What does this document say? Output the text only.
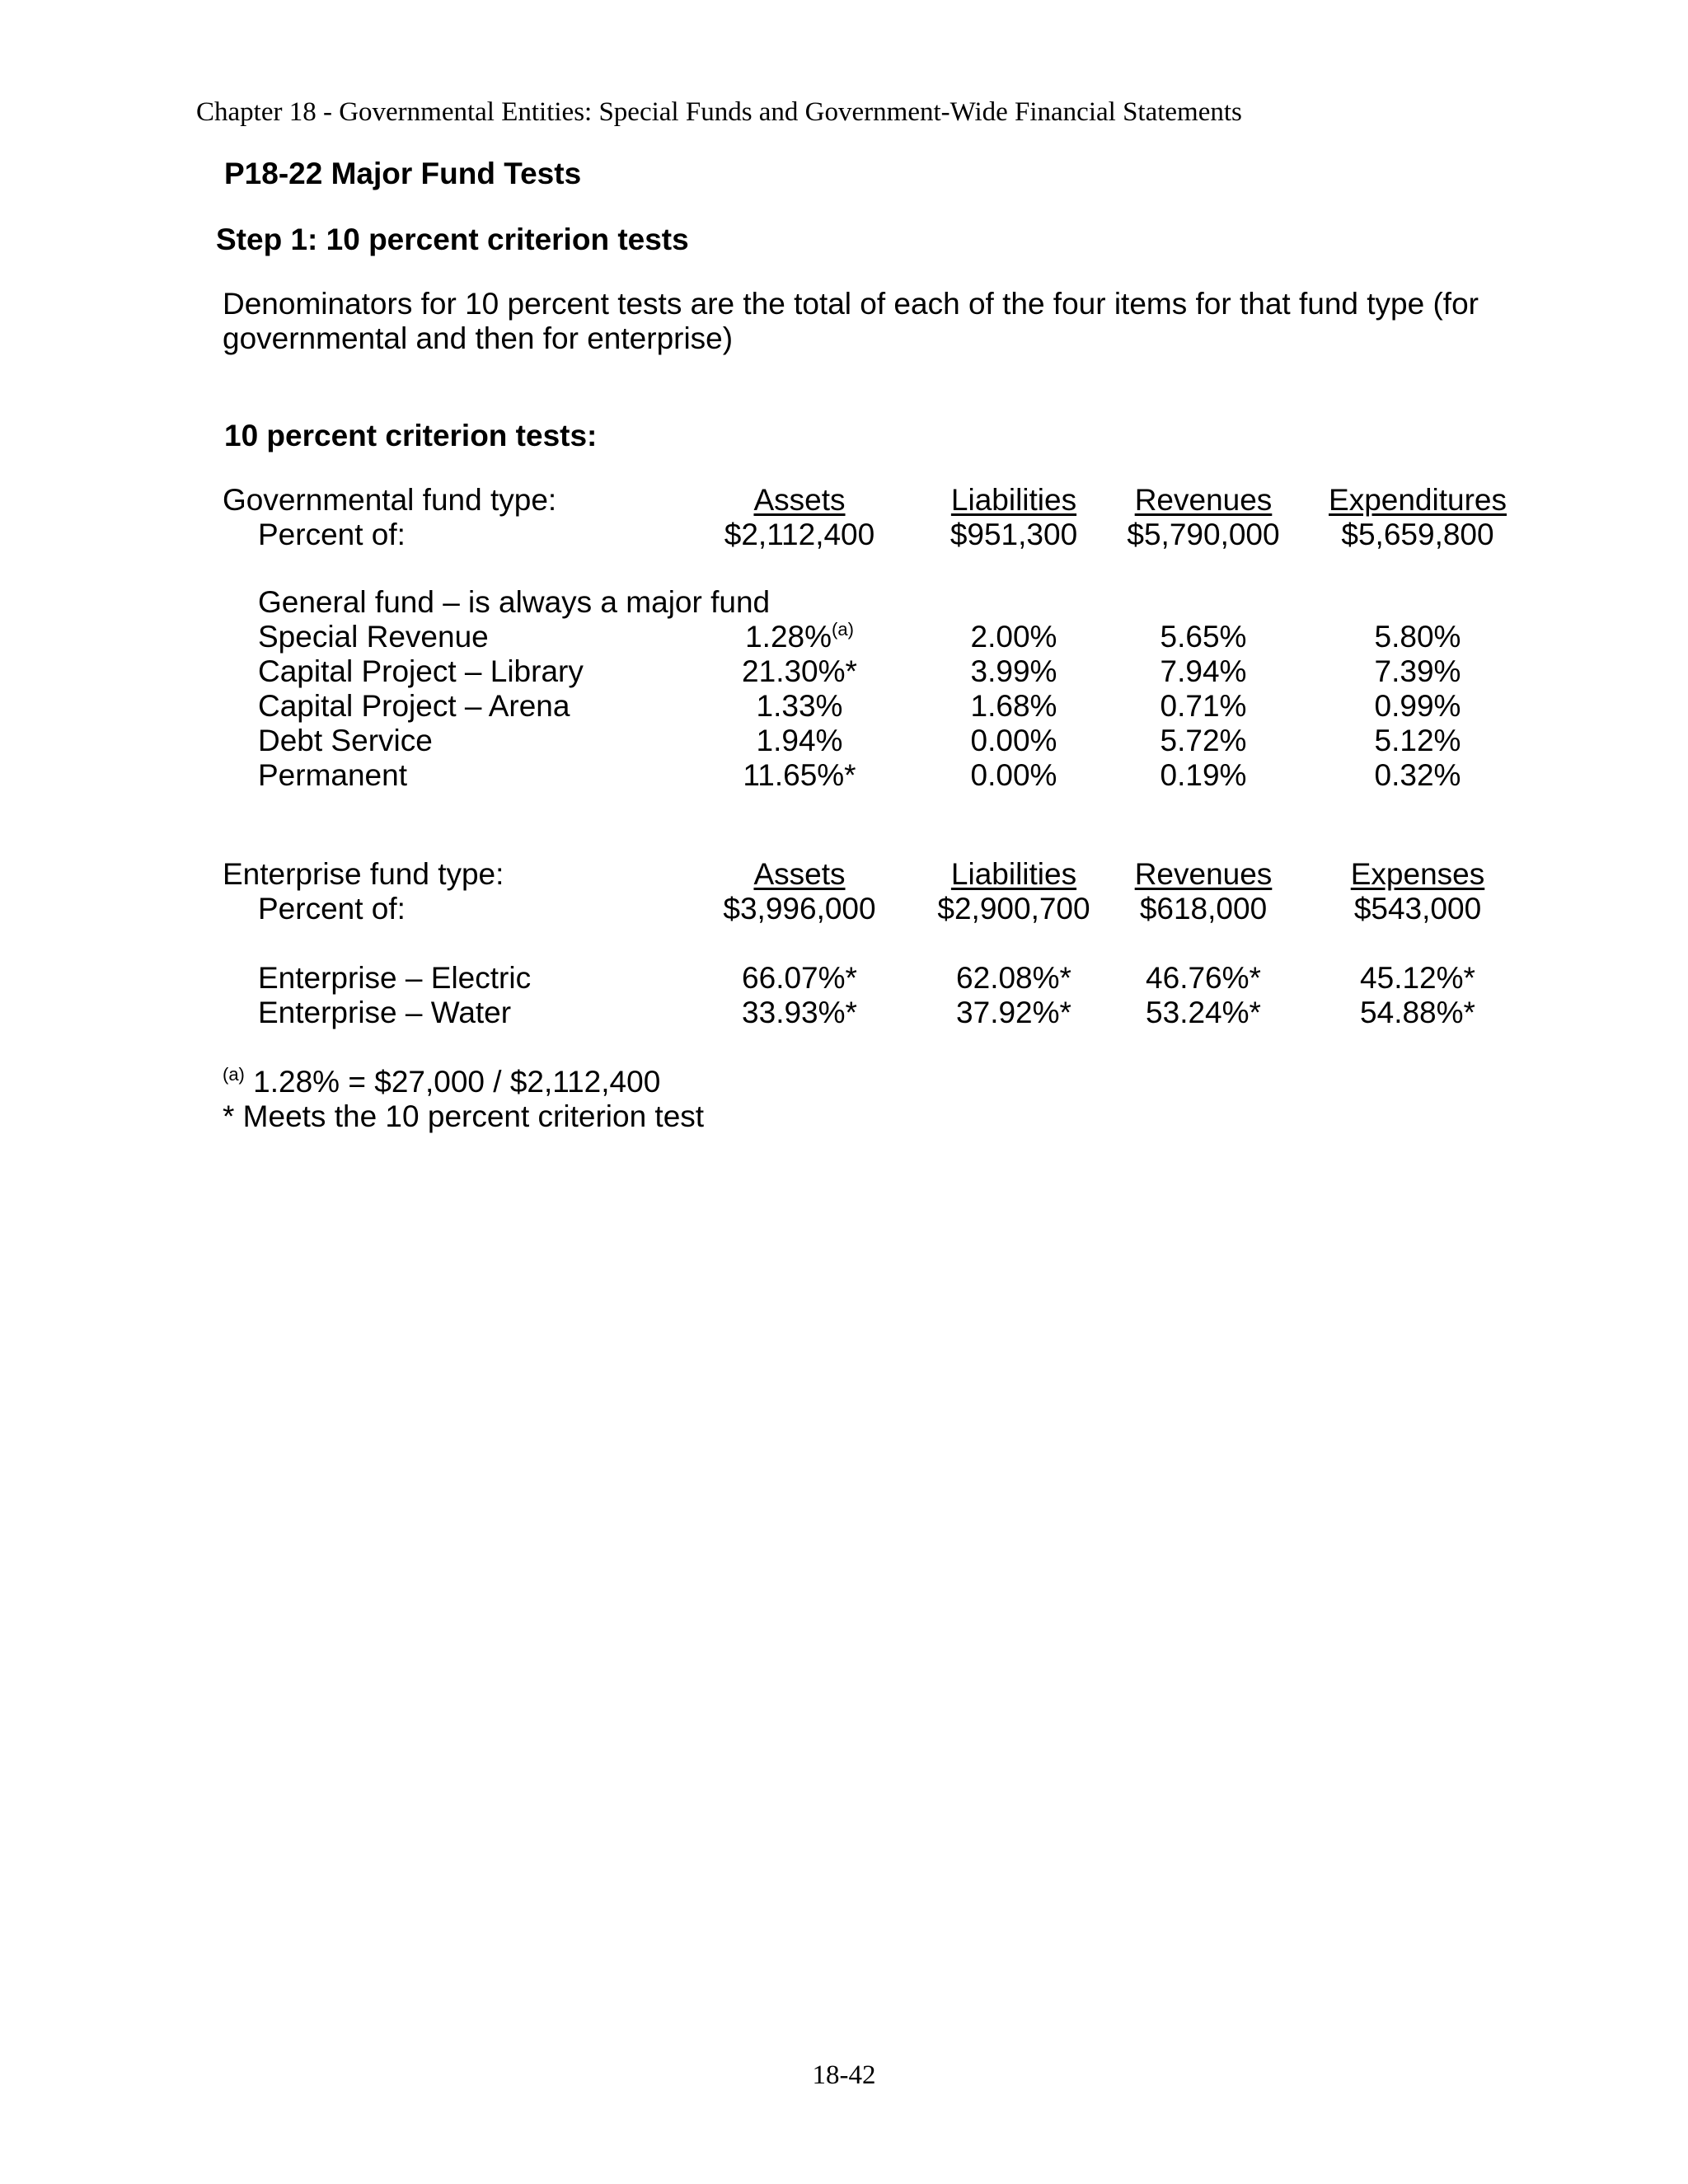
Chapter 18 - Governmental Entities: Special Funds and Government-Wide Financial Statements
P18-22 Major Fund Tests
Step 1: 10 percent criterion tests
Denominators for 10 percent tests are the total of each of the four items for that fund type (for governmental and then for enterprise)
10 percent criterion tests:
Governmental fund type:	Assets	Liabilities	Revenues	Expenditures
Percent of:	$2,112,400	$951,300	$5,790,000	$5,659,800
General fund – is always a major fund
Special Revenue	1.28%$^{(a)}$	2.00%	5.65%	5.80%
Capital Project – Library	21.30%*	3.99%	7.94%	7.39%
Capital Project – Arena	1.33%	1.68%	0.71%	0.99%
Debt Service	1.94%	0.00%	5.72%	5.12%
Permanent	11.65%*	0.00%	0.19%	0.32%
Enterprise fund type:	Assets	Liabilities	Revenues	Expenses
Percent of:	$3,996,000	$2,900,700	$618,000	$543,000
Enterprise – Electric	66.07%*	62.08%*	46.76%*	45.12%*
Enterprise – Water	33.93%*	37.92%*	53.24%*	54.88%*
$^{(a)}$ 1.28% = $27,000 / $2,112,400
* Meets the 10 percent criterion test
18-42
